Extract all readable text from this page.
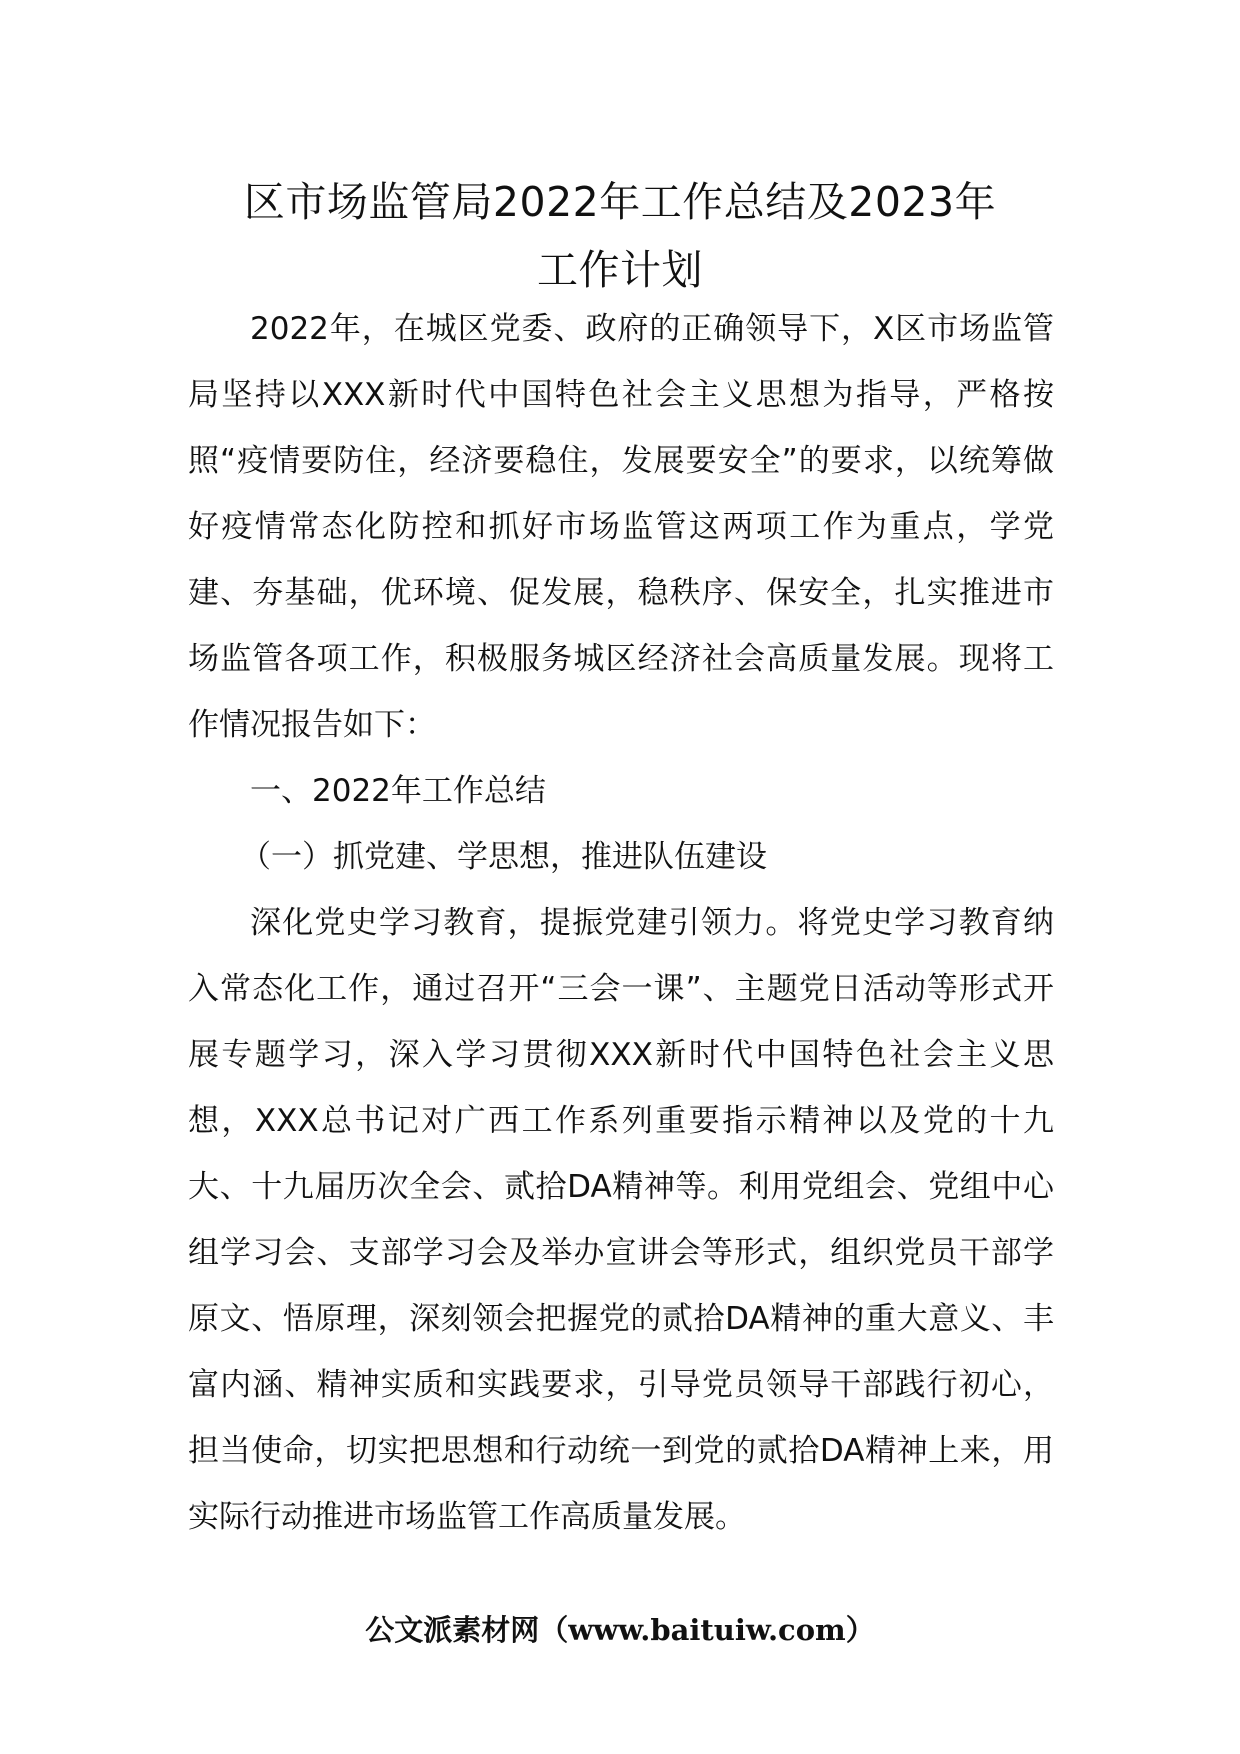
区市场监管局2022年工作总结及2023年
工作计划

2022年，在城区党委、政府的正确领导下，X区市场监管局坚持以XXX新时代中国特色社会主义思想为指导，严格按照“疫情要防住，经济要稳住，发展要安全”的要求，以统筹做好疫情常态化防控和抓好市场监管这两项工作为重点，学党建、夯基础，优环境、促发展，稳秩序、保安全，扎实推进市场监管各项工作，积极服务城区经济社会高质量发展。现将工作情况报告如下：

一、2022年工作总结

（一）抓党建、学思想，推进队伍建设

深化党史学习教育，提振党建引领力。将党史学习教育纳入常态化工作，通过召开“三会一课”、主题党日活动等形式开展专题学习，深入学习贯彻XXX新时代中国特色社会主义思想，XXX总书记对广西工作系列重要指示精神以及党的十九大、十九届历次全会、贰拾DA精神等。利用党组会、党组中心组学习会、支部学习会及举办宣讲会等形式，组织党员干部学原文、悟原理，深刻领会把握党的贰拾DA精神的重大意义、丰富内涵、精神实质和实践要求，引导党员领导干部践行初心，担当使命，切实把思想和行动统一到党的贰拾DA精神上来，用实际行动推进市场监管工作高质量发展。

公文派素材网（www.baituiw.com）
